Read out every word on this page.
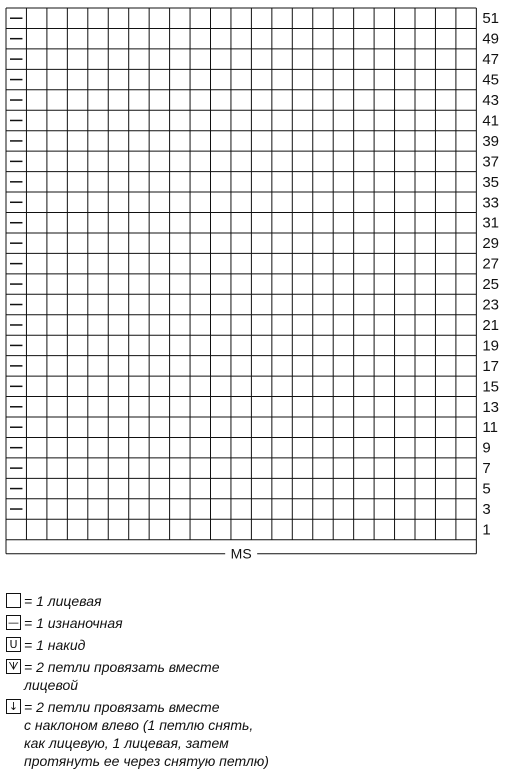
51
49
47
45
43
41
39
37
35
33
31
29
27
25
23
21
19
17
15
13
11
9
7
5
3
1
MS
= 1 лицевая
— = 1 изнаночная
U = 1 накид
ᗐ = 2 петли провязать вместе
лицевой
↓ = 2 петли провязать вместе
с наклоном влево (1 петлю снять,
как лицевую, 1 лицевая, затем
протянуть ее через снятую петлю)
